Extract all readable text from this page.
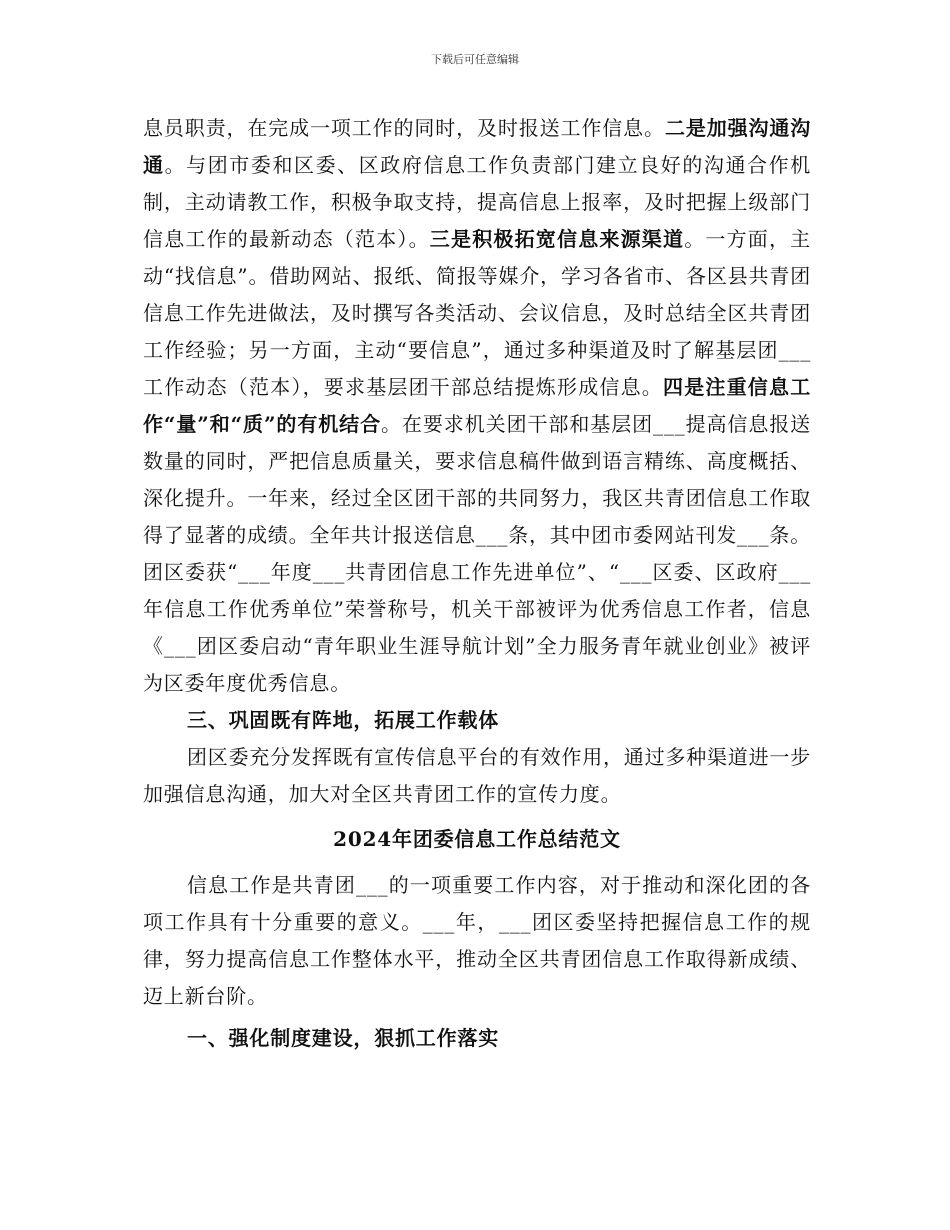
下载后可任意编辑

息员职责，在完成一项工作的同时，及时报送工作信息。二是加强沟通沟通。与团市委和区委、区政府信息工作负责部门建立良好的沟通合作机制，主动请教工作，积极争取支持，提高信息上报率，及时把握上级部门信息工作的最新动态（范本）。三是积极拓宽信息来源渠道。一方面，主动“找信息”。借助网站、报纸、简报等媒介，学习各省市、各区县共青团信息工作先进做法，及时撰写各类活动、会议信息，及时总结全区共青团工作经验；另一方面，主动“要信息”，通过多种渠道及时了解基层团___工作动态（范本），要求基层团干部总结提炼形成信息。四是注重信息工作“量”和“质”的有机结合。在要求机关团干部和基层团___提高信息报送数量的同时，严把信息质量关，要求信息稿件做到语言精练、高度概括、深化提升。一年来，经过全区团干部的共同努力，我区共青团信息工作取得了显著的成绩。全年共计报送信息___条，其中团市委网站刊发___条。团区委获“___年度___共青团信息工作先进单位”、“___区委、区政府___年信息工作优秀单位”荣誉称号，机关干部被评为优秀信息工作者，信息《___团区委启动“青年职业生涯导航计划”全力服务青年就业创业》被评为区委年度优秀信息。

三、巩固既有阵地，拓展工作载体

团区委充分发挥既有宣传信息平台的有效作用，通过多种渠道进一步加强信息沟通，加大对全区共青团工作的宣传力度。

2024年团委信息工作总结范文

信息工作是共青团___的一项重要工作内容，对于推动和深化团的各项工作具有十分重要的意义。___年，___团区委坚持把握信息工作的规律，努力提高信息工作整体水平，推动全区共青团信息工作取得新成绩、迈上新台阶。

一、强化制度建设，狠抓工作落实
